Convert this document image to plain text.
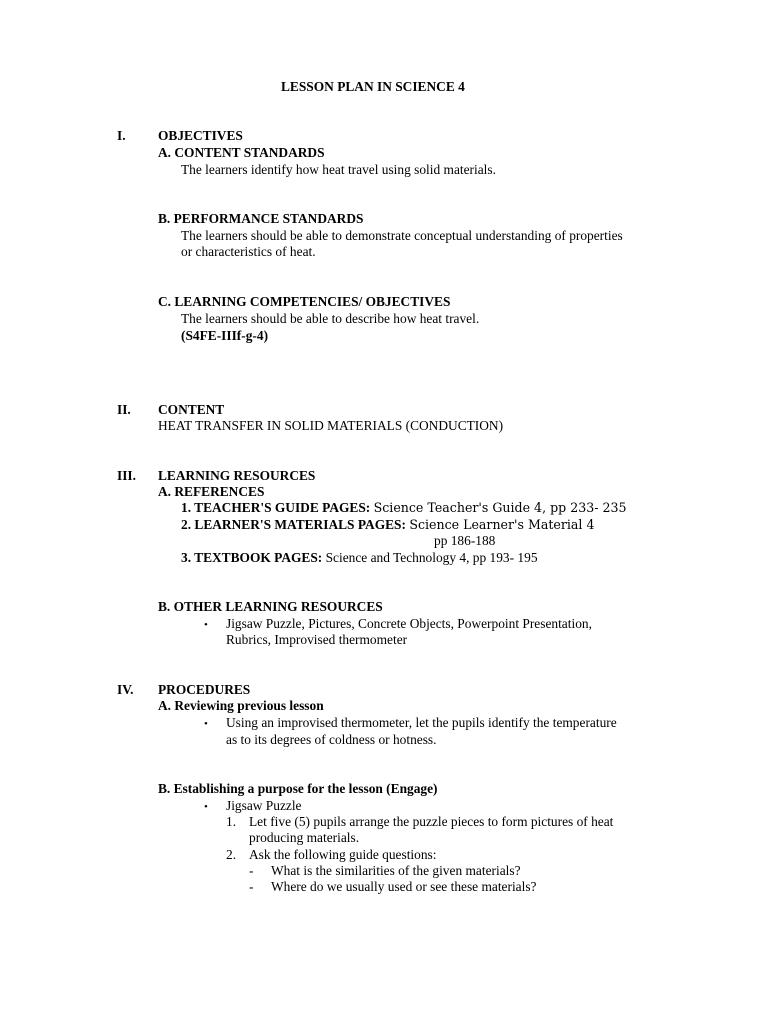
LESSON PLAN IN SCIENCE 4
I. OBJECTIVES
A. CONTENT STANDARDS
The learners identify how heat travel using solid materials.
B. PERFORMANCE STANDARDS
The learners should be able to demonstrate conceptual understanding of properties
or characteristics of heat.
C. LEARNING COMPETENCIES/ OBJECTIVES
The learners should be able to describe how heat travel.
(S4FE-IIIf-g-4)
II. CONTENT
HEAT TRANSFER IN SOLID MATERIALS (CONDUCTION)
III. LEARNING RESOURCES
A. REFERENCES
1. TEACHER'S GUIDE PAGES: Science Teacher's Guide 4, pp 233- 235
2. LEARNER'S MATERIALS PAGES: Science Learner's Material 4
pp 186-188
3. TEXTBOOK PAGES: Science and Technology 4, pp 193- 195
B. OTHER LEARNING RESOURCES
• Jigsaw Puzzle, Pictures, Concrete Objects, Powerpoint Presentation,
Rubrics, Improvised thermometer
IV. PROCEDURES
A. Reviewing previous lesson
• Using an improvised thermometer, let the pupils identify the temperature
as to its degrees of coldness or hotness.
B. Establishing a purpose for the lesson (Engage)
• Jigsaw Puzzle
1. Let five (5) pupils arrange the puzzle pieces to form pictures of heat
producing materials.
2. Ask the following guide questions:
- What is the similarities of the given materials?
- Where do we usually used or see these materials?
